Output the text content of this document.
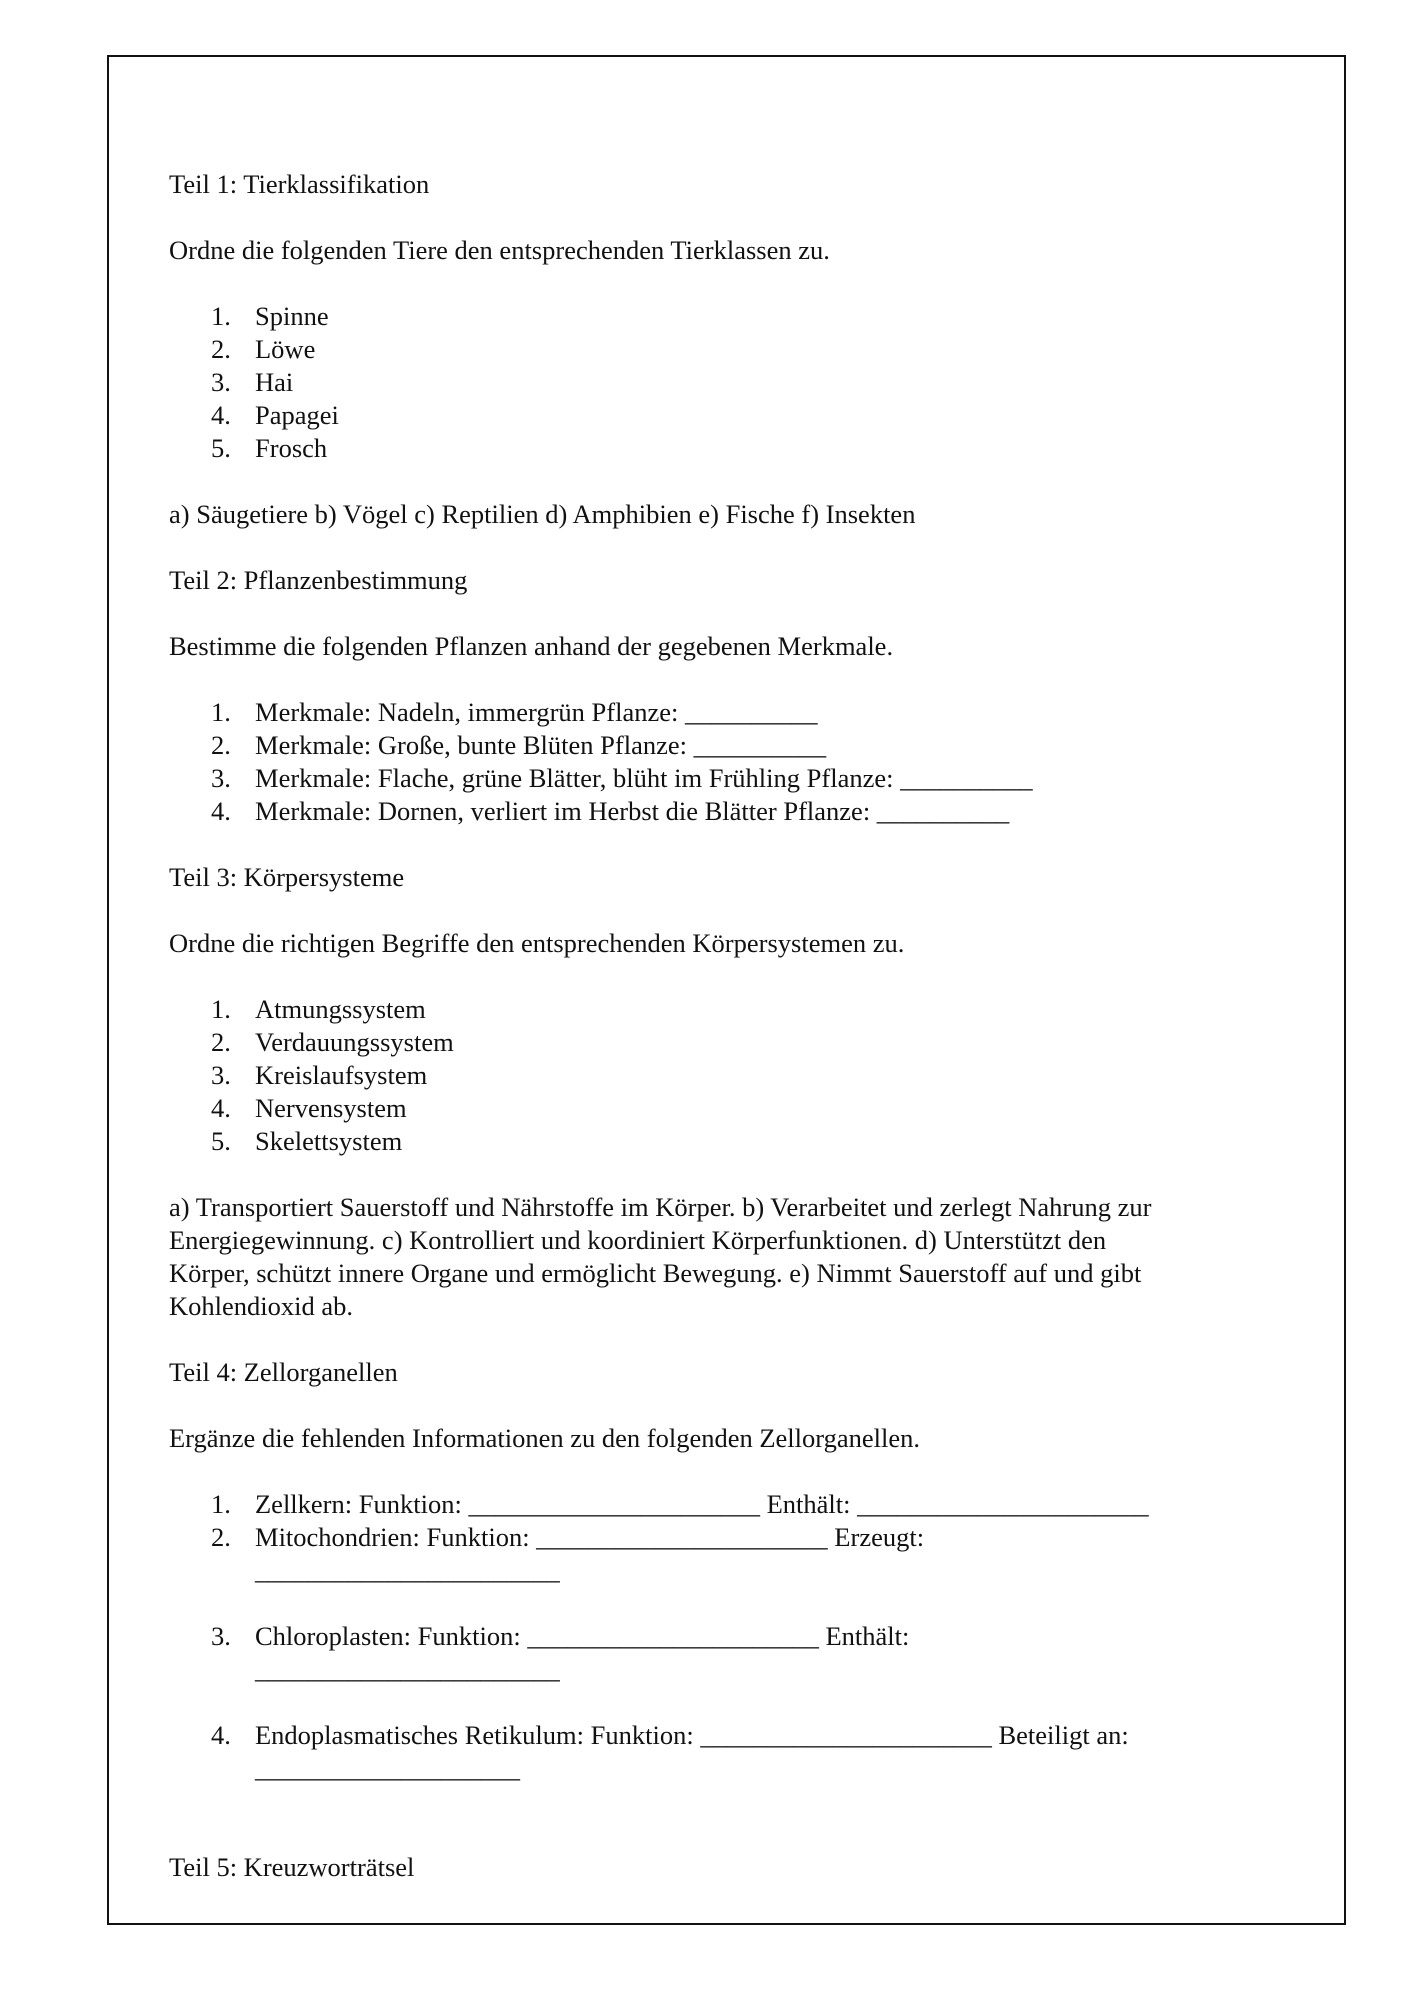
Teil 1: Tierklassifikation

Ordne die folgenden Tiere den entsprechenden Tierklassen zu.

1. Spinne
2. Löwe
3. Hai
4. Papagei
5. Frosch

a) Säugetiere b) Vögel c) Reptilien d) Amphibien e) Fische f) Insekten

Teil 2: Pflanzenbestimmung

Bestimme die folgenden Pflanzen anhand der gegebenen Merkmale.

1. Merkmale: Nadeln, immergrün Pflanze: __________
2. Merkmale: Große, bunte Blüten Pflanze: __________
3. Merkmale: Flache, grüne Blätter, blüht im Frühling Pflanze: __________
4. Merkmale: Dornen, verliert im Herbst die Blätter Pflanze: __________
Teil 3: Körpersysteme

Ordne die richtigen Begriffe den entsprechenden Körpersystemen zu.

1. Atmungssystem
2. Verdauungssystem
3. Kreislaufsystem
4. Nervensystem
5. Skelettsystem

a) Transportiert Sauerstoff und Nährstoffe im Körper. b) Verarbeitet und zerlegt Nahrung zur
Energiegewinnung. c) Kontrolliert und koordiniert Körperfunktionen. d) Unterstützt den
Körper, schützt innere Organe und ermöglicht Bewegung. e) Nimmt Sauerstoff auf und gibt
Kohlendioxid ab.

Teil 4: Zellorganellen

Ergänze die fehlenden Informationen zu den folgenden Zellorganellen.

1. Zellkern: Funktion: ______________________ Enthält: ______________________
2. Mitochondrien: Funktion: ______________________ Erzeugt:
_______________________
3. Chloroplasten: Funktion: ______________________ Enthält:
_______________________
4. Endoplasmatisches Retikulum: Funktion: ______________________ Beteiligt an:
____________________
Teil 5: Kreuzworträtsel
